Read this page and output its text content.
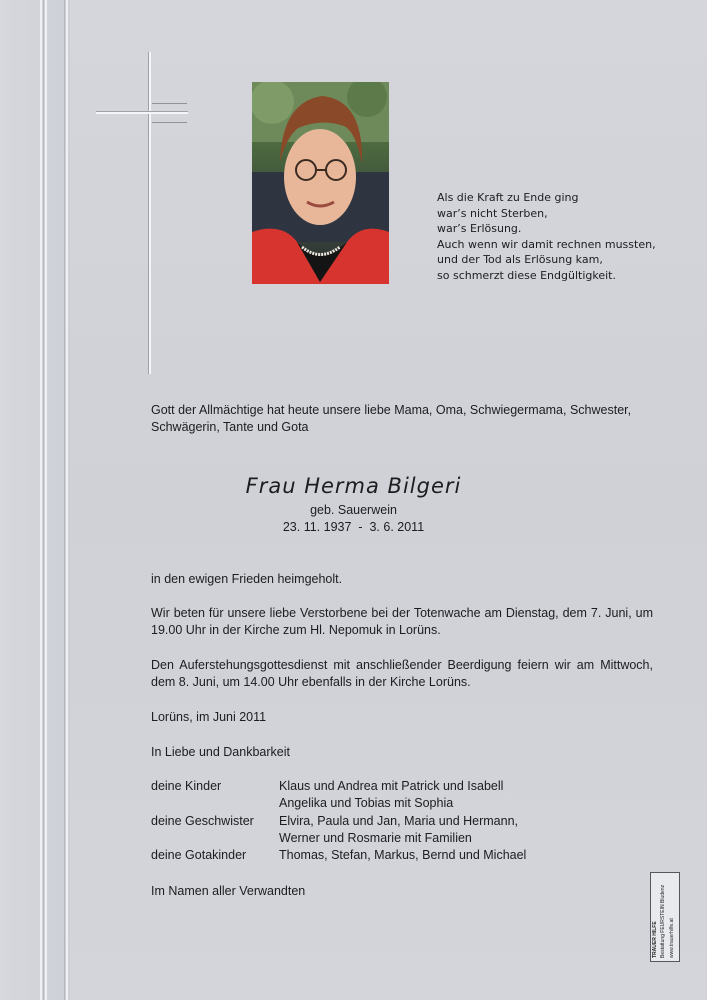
Als die Kraft zu Ende ging
war’s nicht Sterben,
war’s Erlösung.
Auch wenn wir damit rechnen mussten,
und der Tod als Erlösung kam,
so schmerzt diese Endgültigkeit.
Gott der Allmächtige hat heute unsere liebe Mama, Oma, Schwiegermama, Schwester, Schwägerin, Tante und Gota
Frau Herma Bilgeri
geb. Sauerwein
23. 11. 1937  -  3. 6. 2011
in den ewigen Frieden heimgeholt.
Wir beten für unsere liebe Verstorbene bei der Totenwache am Dienstag, dem 7. Juni, um 19.00 Uhr in der Kirche zum Hl. Nepomuk in Lorüns.
Den Auferstehungsgottesdienst mit anschließender Beerdigung feiern wir am Mittwoch, dem 8. Juni, um 14.00 Uhr ebenfalls in der Kirche Lorüns.
Lorüns, im Juni 2011
In Liebe und Dankbarkeit
deine Kinder	Klaus und Andrea mit Patrick und Isabell
Angelika und Tobias mit Sophia
deine Geschwister	Elvira, Paula und Jan, Maria und Hermann,
Werner und Rosmarie mit Familien
deine Gotakinder	Thomas, Stefan, Markus, Bernd und Michael
Im Namen aller Verwandten
TRAUER HILFE Bestattung FEURSTEIN Bludenz www.trauerhilfe.at
